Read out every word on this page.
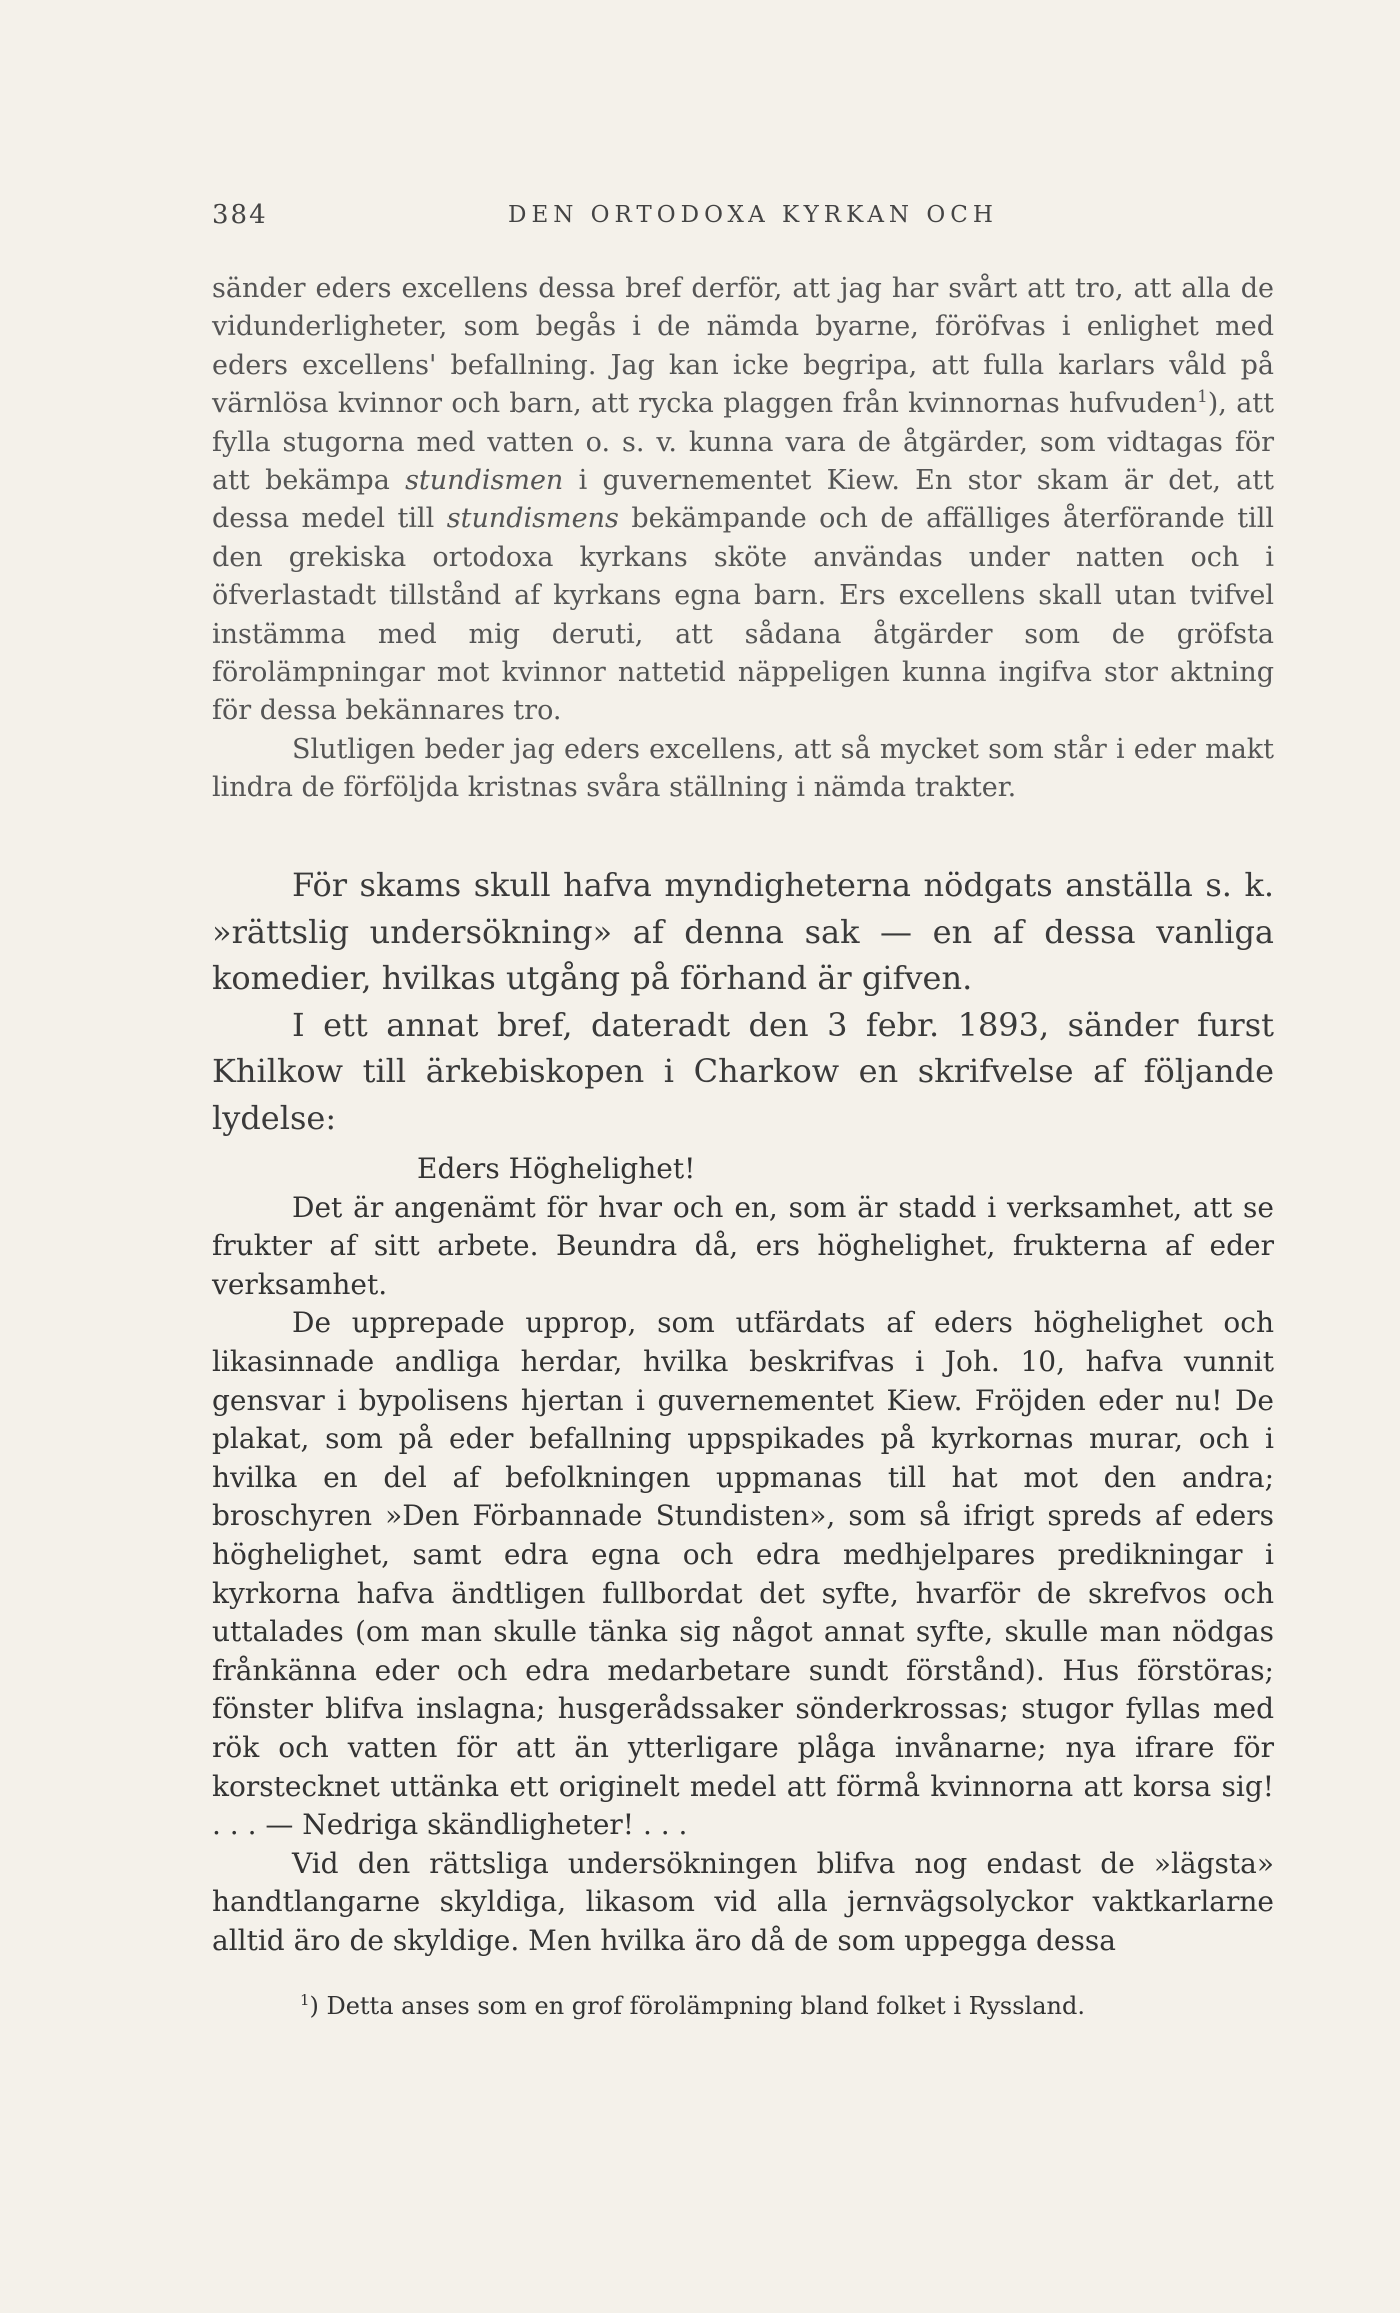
384	DEN ORTODOXA KYRKAN OCH

sänder eders excellens dessa bref derför, att jag har svårt att tro, att alla de vidunderligheter, som begås i de nämda byarne, föröfvas i enlighet med eders excellens' befallning. Jag kan icke begripa, att fulla karlars våld på värnlösa kvinnor och barn, att rycka plaggen från kvinnornas hufvuden$^1$), att fylla stugorna med vatten o. s. v. kunna vara de åtgärder, som vidtagas för att bekämpa stundismen i guvernementet Kiew. En stor skam är det, att dessa medel till stundismens bekämpande och de affälliges återförande till den grekiska ortodoxa kyrkans sköte användas under natten och i öfverlastadt tillstånd af kyrkans egna barn. Ers excellens skall utan tvifvel instämma med mig deruti, att sådana åtgärder som de gröfsta förolämpningar mot kvinnor nattetid näppeligen kunna ingifva stor aktning för dessa bekännares tro.

Slutligen beder jag eders excellens, att så mycket som står i eder makt lindra de förföljda kristnas svåra ställning i nämda trakter.

För skams skull hafva myndigheterna nödgats anställa s. k. »rättslig undersökning» af denna sak — en af dessa vanliga komedier, hvilkas utgång på förhand är gifven.

I ett annat bref, dateradt den 3 febr. 1893, sänder furst Khilkow till ärkebiskopen i Charkow en skrifvelse af följande lydelse:

Eders Höghelighet!

Det är angenämt för hvar och en, som är stadd i verksamhet, att se frukter af sitt arbete. Beundra då, ers höghelighet, frukterna af eder verksamhet.

De upprepade upprop, som utfärdats af eders höghelighet och likasinnade andliga herdar, hvilka beskrifvas i Joh. 10, hafva vunnit gensvar i bypolisens hjertan i guvernementet Kiew. Fröjden eder nu! De plakat, som på eder befallning uppspikades på kyrkornas murar, och i hvilka en del af befolkningen uppmanas till hat mot den andra; broschyren »Den Förbannade Stundisten», som så ifrigt spreds af eders höghelighet, samt edra egna och edra medhjelpares predikningar i kyrkorna hafva ändtligen fullbordat det syfte, hvarför de skrefvos och uttalades (om man skulle tänka sig något annat syfte, skulle man nödgas frånkänna eder och edra medarbetare sundt förstånd). Hus förstöras; fönster blifva inslagna; husgerådssaker sönderkrossas; stugor fyllas med rök och vatten för att än ytterligare plåga invånarne; nya ifrare för korstecknet uttänka ett originelt medel att förmå kvinnorna att korsa sig! . . . — Nedriga skändligheter! . . .

Vid den rättsliga undersökningen blifva nog endast de »lägsta» handtlangarne skyldiga, likasom vid alla jernvägsolyckor vaktkarlarne alltid äro de skyldige. Men hvilka äro då de som uppegga dessa

$^1$) Detta anses som en grof förolämpning bland folket i Ryssland.
